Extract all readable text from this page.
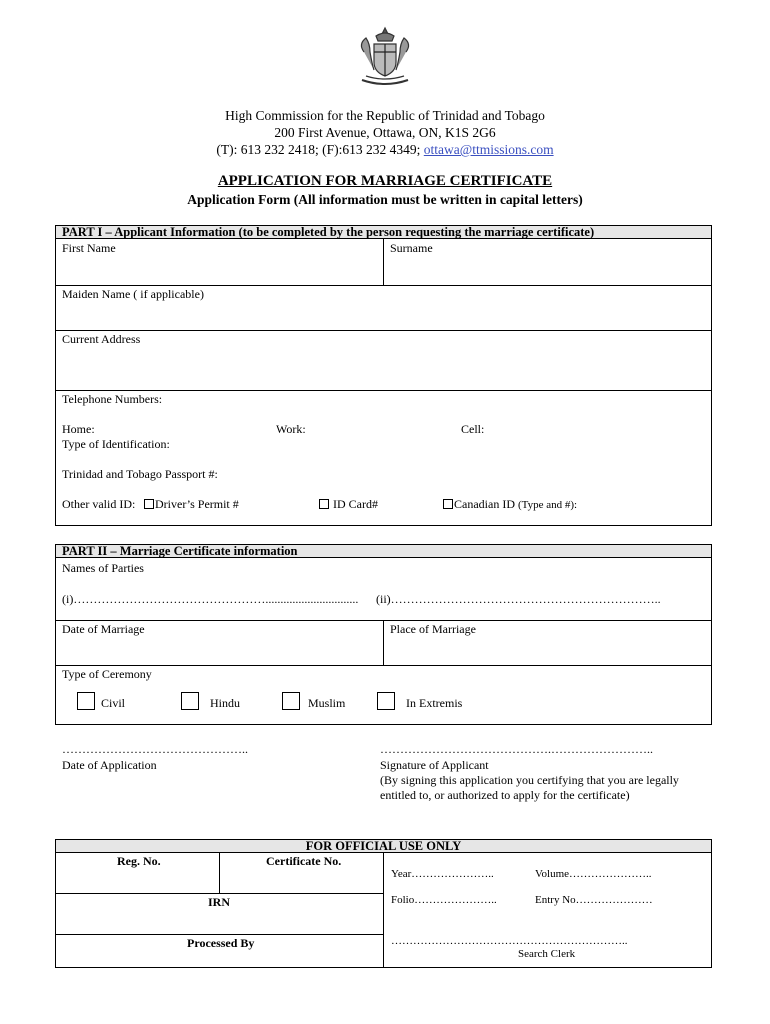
High Commission for the Republic of Trinidad and Tobago
200 First Avenue, Ottawa, ON, K1S 2G6
(T): 613 232 2418; (F):613 232 4349; ottawa@ttmissions.com
APPLICATION FOR MARRIAGE CERTIFICATE
Application Form (All information must be written in capital letters)
PART I – Applicant Information (to be completed by the person requesting the marriage certificate)
First Name	Surname
Maiden Name ( if applicable)
Current Address
Telephone Numbers:
Home:	Work:	Cell:
Type of Identification:
Trinidad and Tobago Passport #:
Other valid ID:	Driver’s Permit #	ID Card#	Canadian ID (Type and #):
PART II – Marriage Certificate information
Names of Parties
(i)…………………………………………............................... (ii)…………………………………………………………..
Date of Marriage	Place of Marriage
Type of Ceremony
Civil	Hindu	Muslim	In Extremis
………………………………………..
Date of Application
…………………………………….……………………..
Signature of Applicant
(By signing this application you certifying that you are legally
entitled to, or authorized to apply for the certificate)
FOR OFFICIAL USE ONLY
Reg. No.	Certificate No.
IRN
Processed By
Year…………………..	Volume…………………..
Folio…………………..	Entry No…………………
………………………………………………………..
Search Clerk
